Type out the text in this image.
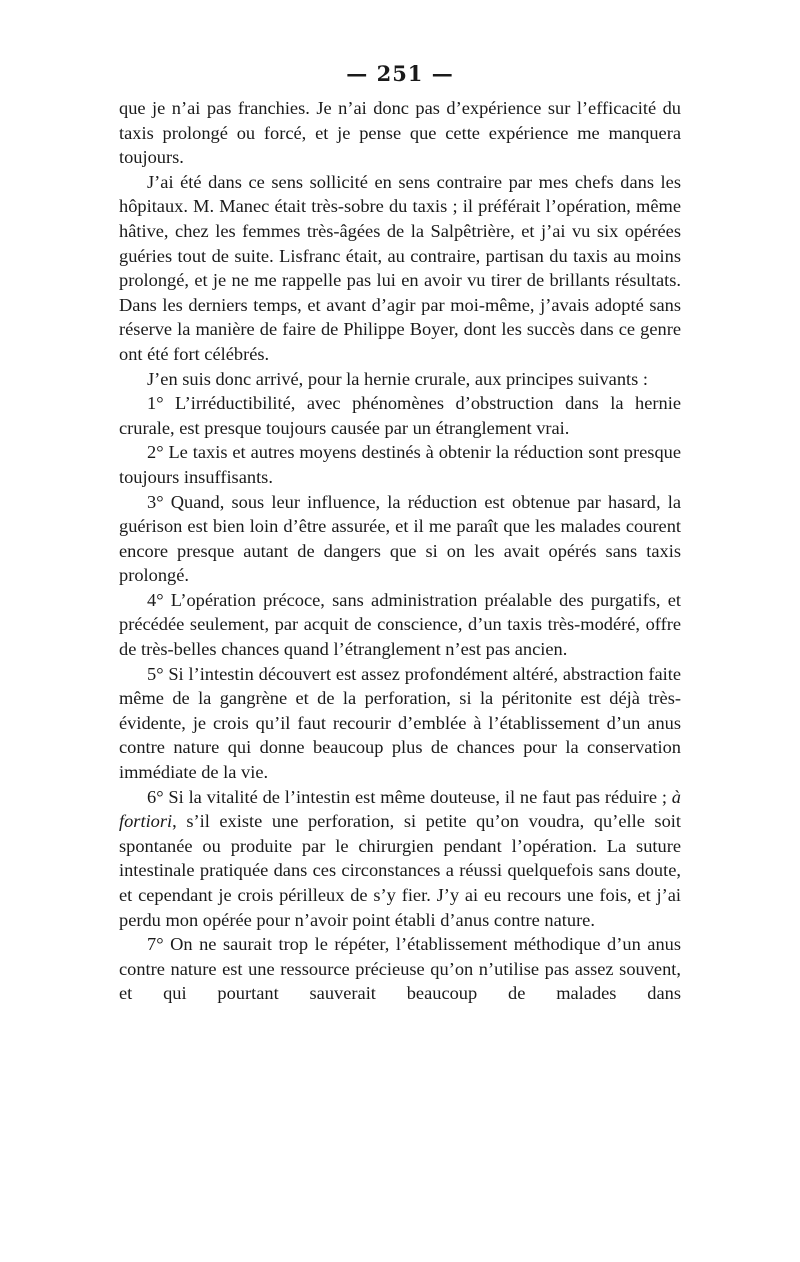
— 251 —

que je n’ai pas franchies. Je n’ai donc pas d’expérience sur l’efficacité du taxis prolongé ou forcé, et je pense que cette expérience me manquera toujours.

J’ai été dans ce sens sollicité en sens contraire par mes chefs dans les hôpitaux. M. Manec était très-sobre du taxis ; il préférait l’opération, même hâtive, chez les femmes très-âgées de la Salpêtrière, et j’ai vu six opérées guéries tout de suite. Lisfranc était, au contraire, partisan du taxis au moins prolongé, et je ne me rappelle pas lui en avoir vu tirer de brillants résultats. Dans les derniers temps, et avant d’agir par moi-même, j’avais adopté sans réserve la manière de faire de Philippe Boyer, dont les succès dans ce genre ont été fort célébrés.

J’en suis donc arrivé, pour la hernie crurale, aux principes suivants :

1° L’irréductibilité, avec phénomènes d’obstruction dans la hernie crurale, est presque toujours causée par un étranglement vrai.

2° Le taxis et autres moyens destinés à obtenir la réduction sont presque toujours insuffisants.

3° Quand, sous leur influence, la réduction est obtenue par hasard, la guérison est bien loin d’être assurée, et il me paraît que les malades courent encore presque autant de dangers que si on les avait opérés sans taxis prolongé.

4° L’opération précoce, sans administration préalable des purgatifs, et précédée seulement, par acquit de conscience, d’un taxis très-modéré, offre de très-belles chances quand l’étranglement n’est pas ancien.

5° Si l’intestin découvert est assez profondément altéré, abstraction faite même de la gangrène et de la perforation, si la péritonite est déjà très-évidente, je crois qu’il faut recourir d’emblée à l’établissement d’un anus contre nature qui donne beaucoup plus de chances pour la conservation immédiate de la vie.

6° Si la vitalité de l’intestin est même douteuse, il ne faut pas réduire ; à fortiori, s’il existe une perforation, si petite qu’on voudra, qu’elle soit spontanée ou produite par le chirurgien pendant l’opération. La suture intestinale pratiquée dans ces circonstances a réussi quelquefois sans doute, et cependant je crois périlleux de s’y fier. J’y ai eu recours une fois, et j’ai perdu mon opérée pour n’avoir point établi d’anus contre nature.

7° On ne saurait trop le répéter, l’établissement méthodique d’un anus contre nature est une ressource précieuse qu’on n’utilise pas assez souvent, et qui pourtant sauverait beaucoup de malades dans
